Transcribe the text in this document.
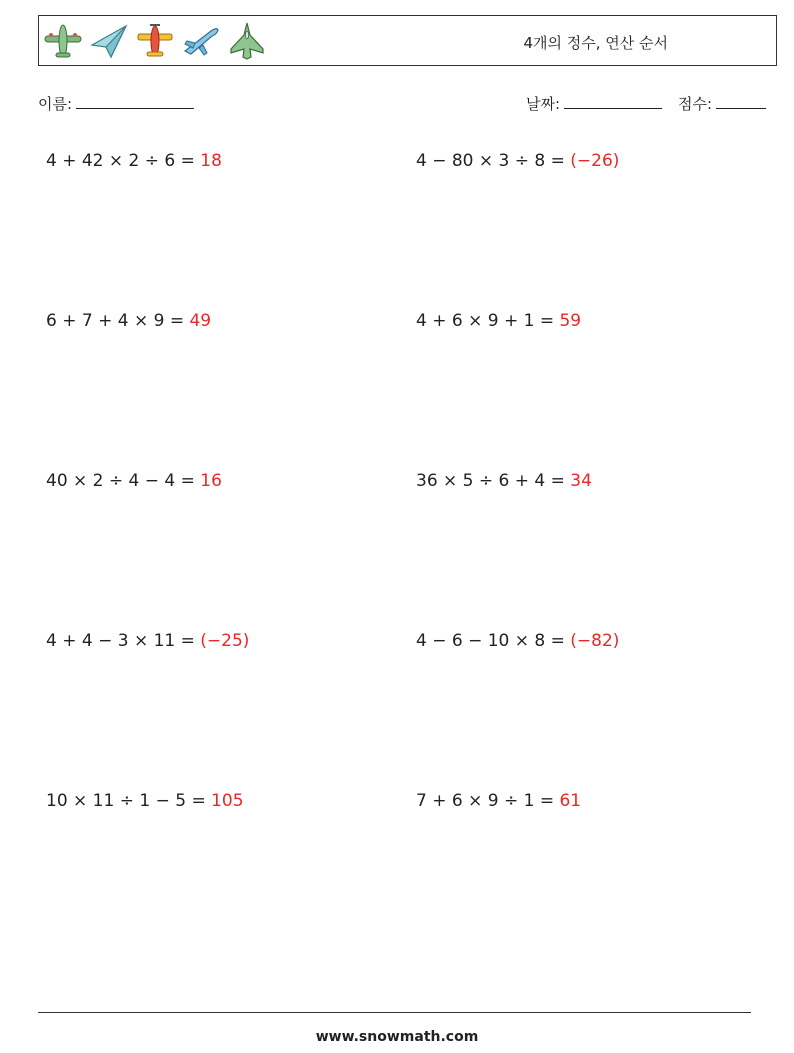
4개의 정수, 연산 순서
이름:	날짜:	점수:
4 + 42 × 2 ÷ 6 = 18	4 − 80 × 3 ÷ 8 = (−26)
6 + 7 + 4 × 9 = 49	4 + 6 × 9 + 1 = 59
40 × 2 ÷ 4 − 4 = 16	36 × 5 ÷ 6 + 4 = 34
4 + 4 − 3 × 11 = (−25)	4 − 6 − 10 × 8 = (−82)
10 × 11 ÷ 1 − 5 = 105	7 + 6 × 9 ÷ 1 = 61
www.snowmath.com
